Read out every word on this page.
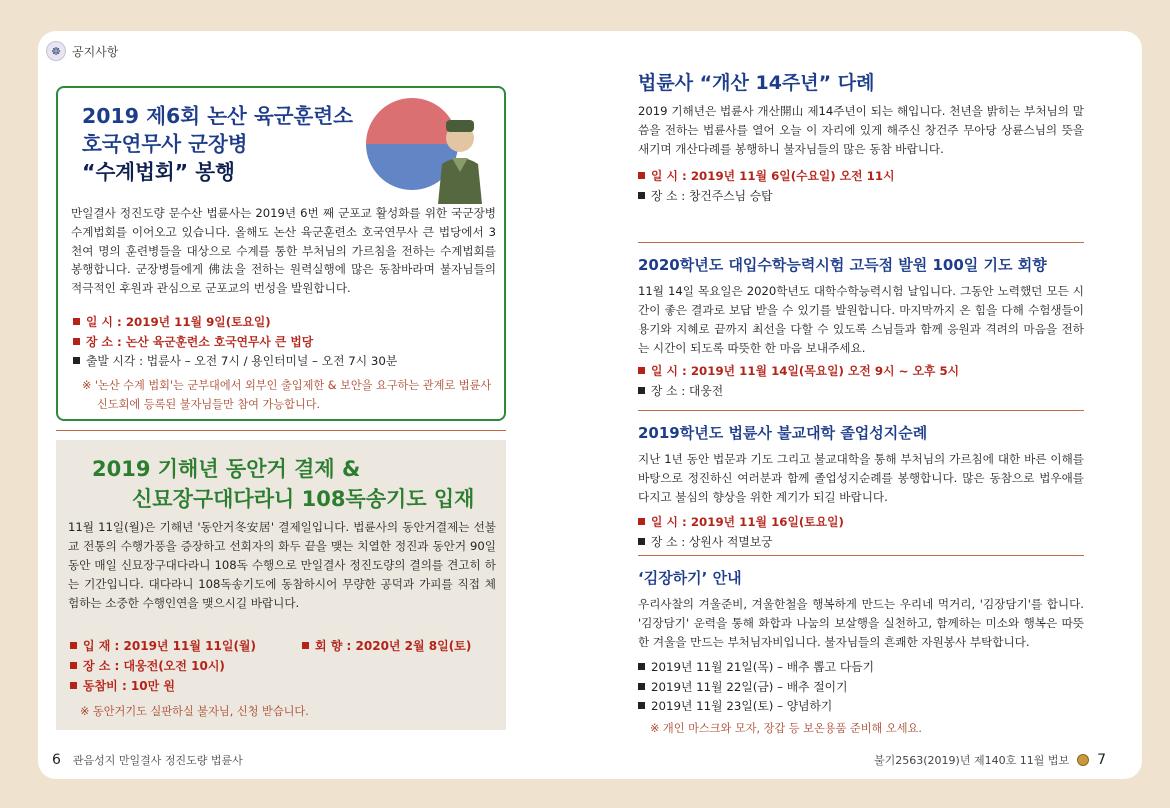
☸ 공지사항
2019 제6회 논산 육군훈련소
호국연무사 군장병
“수계법회” 봉행

만일결사 정진도량 문수산 법륜사는 2019년 6번 째 군포교 활성화를 위한 국군장병 수계법회를 이어오고 있습니다. 올해도 논산 육군훈련소 호국연무사 큰 법당에서 3천여 명의 훈련병들을 대상으로 수계를 통한 부처님의 가르침을 전하는 수계법회를 봉행합니다. 군장병들에게 佛法을 전하는 원력실행에 많은 동참바라며 불자님들의 적극적인 후원과 관심으로 군포교의 번성을 발원합니다.

일 시 : 2019년 11월 9일(토요일)
장 소 : 논산 육군훈련소 호국연무사 큰 법당
출발 시각 : 법륜사 – 오전 7시 / 용인터미널 – 오전 7시 30분
※ '논산 수계 법회'는 군부대에서 외부인 출입제한 & 보안을 요구하는 관계로 법륜사 신도회에 등록된 불자님들만 참여 가능합니다.
2019 기해년 동안거 결제 &
신묘장구대다라니 108독송기도 입재

11월 11일(월)은 기해년 '동안거冬安居' 결제일입니다. 법륜사의 동안거결제는 선불교 전통의 수행가풍을 증장하고 선회자의 화두 끝을 맺는 치열한 정진과 동안거 90일 동안 매일 신묘장구대다라니 108독 수행으로 만일결사 정진도량의 결의를 견고히 하는 기간입니다. 대다라니 108독송기도에 동참하시어 무량한 공덕과 가피를 직접 체험하는 소중한 수행인연을 맺으시길 바랍니다.

입 재 : 2019년 11월 11일(월)	회 향 : 2020년 2월 8일(토)
장 소 : 대웅전(오전 10시)
동참비 : 10만 원
※ 동안거기도 실판하실 불자님, 신청 받습니다.
법륜사 “개산 14주년” 다례

2019 기해년은 법륜사 개산開山 제14주년이 되는 해입니다. 천년을 밝히는 부처님의 말씀을 전하는 법륜사를 열어 오늘 이 자리에 있게 해주신 창건주 무아당 상륜스님의 뜻을 새기며 개산다례를 봉행하니 불자님들의 많은 동참 바랍니다.

일 시 : 2019년 11월 6일(수요일) 오전 11시
장 소 : 창건주스님 승탑
2020학년도 대입수학능력시험 고득점 발원 100일 기도 회향

11월 14일 목요일은 2020학년도 대학수학능력시험 날입니다. 그동안 노력했던 모든 시간이 좋은 결과로 보답 받을 수 있기를 발원합니다. 마지막까지 온 힘을 다해 수험생들이 용기와 지혜로 끝까지 최선을 다할 수 있도록 스님들과 함께 응원과 격려의 마음을 전하는 시간이 되도록 따뜻한 한 마음 보내주세요.

일 시 : 2019년 11월 14일(목요일) 오전 9시 ~ 오후 5시
장 소 : 대웅전
2019학년도 법륜사 불교대학 졸업성지순례

지난 1년 동안 법문과 기도 그리고 불교대학을 통해 부처님의 가르침에 대한 바른 이해를 바탕으로 정진하신 여러분과 함께 졸업성지순례를 봉행합니다. 많은 동참으로 법우애를 다지고 불심의 향상을 위한 계기가 되길 바랍니다.

일 시 : 2019년 11월 16일(토요일)
장 소 : 상원사 적멸보궁
‘김장하기’ 안내

우리사찰의 겨울준비, 겨울한철을 행복하게 만드는 우리네 먹거리, '김장담기'를 합니다. '김장담기' 운력을 통해 화합과 나눔의 보살행을 실천하고, 함께하는 미소와 행복은 따뜻한 겨울을 만드는 부처님자비입니다. 불자님들의 흔쾌한 자원봉사 부탁합니다.

2019년 11월 21일(목) – 배추 뽑고 다듬기
2019년 11월 22일(금) – 배추 절이기
2019년 11월 23일(토) – 양념하기
※ 개인 마스크와 모자, 장갑 등 보온용품 준비해 오세요.
6 관음성지 만일결사 정진도량 법륜사	불기2563(2019)년 제140호 11월 법보 7
